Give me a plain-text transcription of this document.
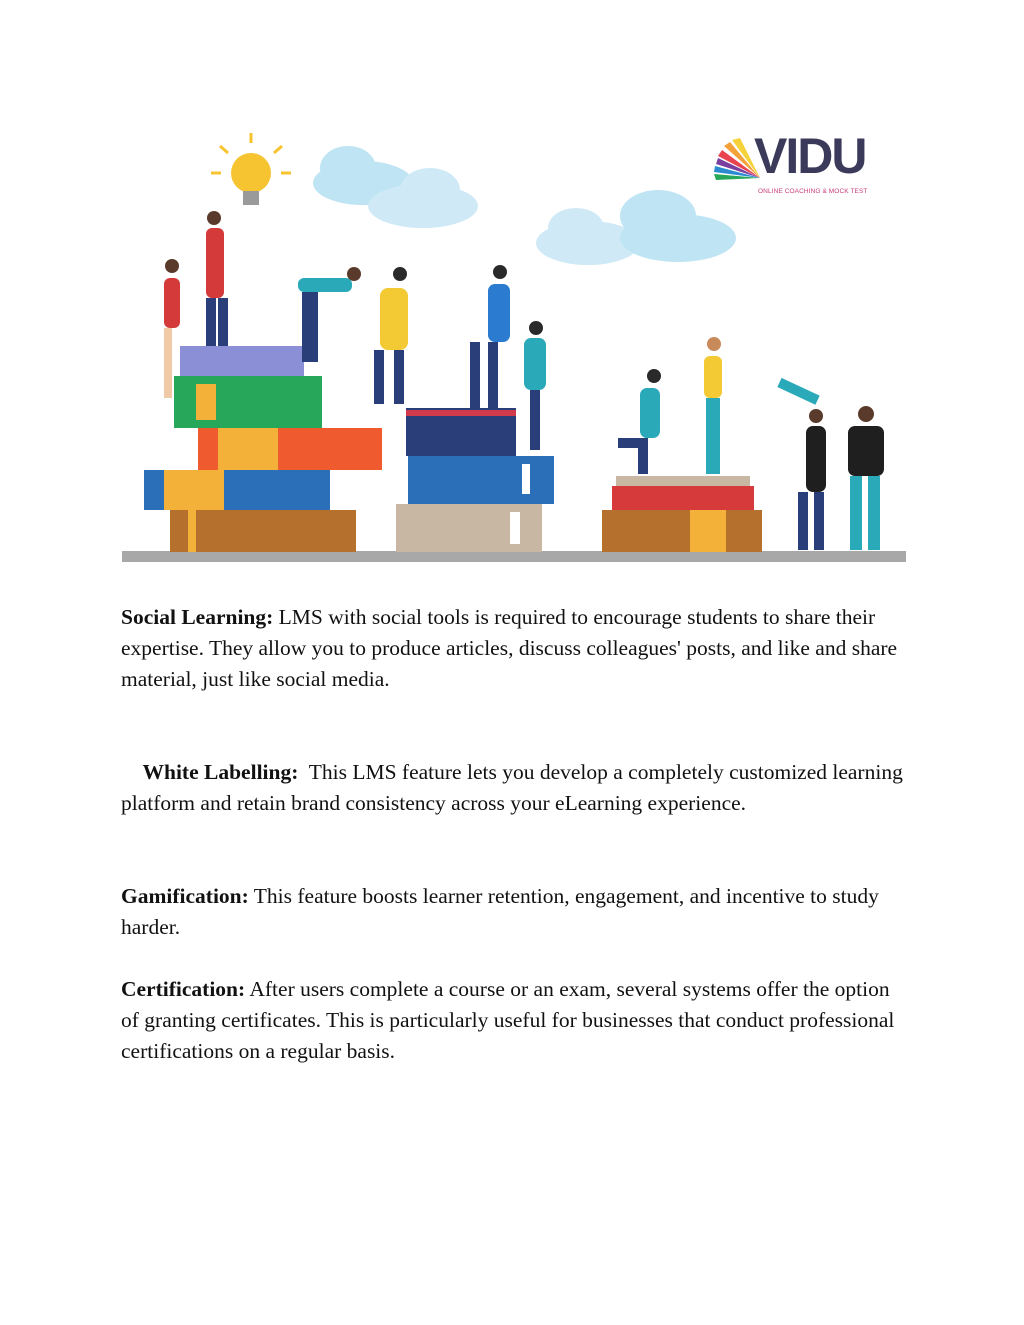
VIDU
ONLINE COACHING & MOCK TEST

Social Learning: LMS with social tools is required to encourage students to share their expertise. They allow you to produce articles, discuss colleagues' posts, and like and share material, just like social media.

White Labelling:  This LMS feature lets you develop a completely customized learning platform and retain brand consistency across your eLearning experience.

Gamification: This feature boosts learner retention, engagement, and incentive to study harder.

Certification: After users complete a course or an exam, several systems offer the option of granting certificates. This is particularly useful for businesses that conduct professional certifications on a regular basis.
